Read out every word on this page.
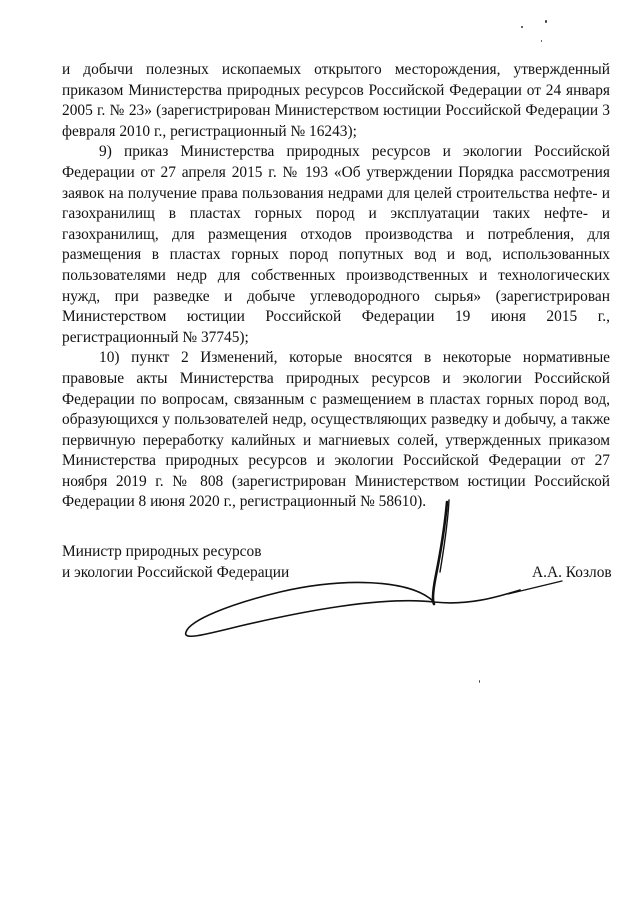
и добычи полезных ископаемых открытого месторождения, утвержденный приказом Министерства природных ресурсов Российской Федерации от 24 января 2005 г. № 23» (зарегистрирован Министерством юстиции Российской Федерации 3 февраля 2010 г., регистрационный № 16243);

9) приказ Министерства природных ресурсов и экологии Российской Федерации от 27 апреля 2015 г. № 193 «Об утверждении Порядка рассмотрения заявок на получение права пользования недрами для целей строительства нефте- и газохранилищ в пластах горных пород и эксплуатации таких нефте- и газохранилищ, для размещения отходов производства и потребления, для размещения в пластах горных пород попутных вод и вод, использованных пользователями недр для собственных производственных и технологических нужд, при разведке и добыче углеводородного сырья» (зарегистрирован Министерством юстиции Российской Федерации 19 июня 2015 г., регистрационный № 37745);

10) пункт 2 Изменений, которые вносятся в некоторые нормативные правовые акты Министерства природных ресурсов и экологии Российской Федерации по вопросам, связанным с размещением в пластах горных пород вод, образующихся у пользователей недр, осуществляющих разведку и добычу, а также первичную переработку калийных и магниевых солей, утвержденных приказом Министерства природных ресурсов и экологии Российской Федерации от 27 ноября 2019 г. № 808 (зарегистрирован Министерством юстиции Российской Федерации 8 июня 2020 г., регистрационный № 58610).

Министр природных ресурсов
и экологии Российской Федерации	А.А. Козлов
